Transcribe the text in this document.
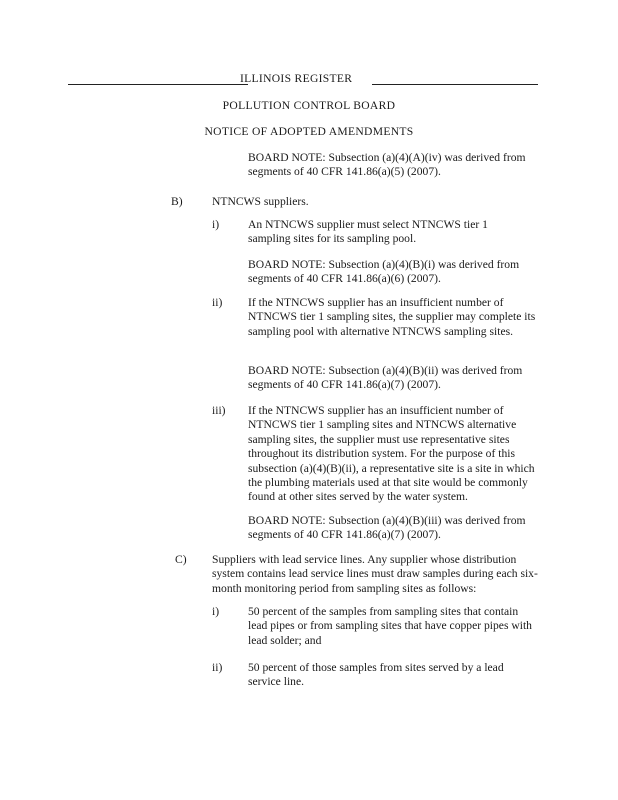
ILLINOIS REGISTER
POLLUTION CONTROL BOARD
NOTICE OF ADOPTED AMENDMENTS

BOARD NOTE: Subsection (a)(4)(A)(iv) was derived from segments of 40 CFR 141.86(a)(5) (2007).

B)	NTNCWS suppliers.

i) An NTNCWS supplier must select NTNCWS tier 1 sampling sites for its sampling pool.

BOARD NOTE: Subsection (a)(4)(B)(i) was derived from segments of 40 CFR 141.86(a)(6) (2007).

ii) If the NTNCWS supplier has an insufficient number of NTNCWS tier 1 sampling sites, the supplier may complete its sampling pool with alternative NTNCWS sampling sites.

BOARD NOTE: Subsection (a)(4)(B)(ii) was derived from segments of 40 CFR 141.86(a)(7) (2007).

iii) If the NTNCWS supplier has an insufficient number of NTNCWS tier 1 sampling sites and NTNCWS alternative sampling sites, the supplier must use representative sites throughout its distribution system. For the purpose of this subsection (a)(4)(B)(ii), a representative site is a site in which the plumbing materials used at that site would be commonly found at other sites served by the water system.

BOARD NOTE: Subsection (a)(4)(B)(iii) was derived from segments of 40 CFR 141.86(a)(7) (2007).

C) Suppliers with lead service lines. Any supplier whose distribution system contains lead service lines must draw samples during each six-month monitoring period from sampling sites as follows:

i) 50 percent of the samples from sampling sites that contain lead pipes or from sampling sites that have copper pipes with lead solder; and

ii) 50 percent of those samples from sites served by a lead service line.
